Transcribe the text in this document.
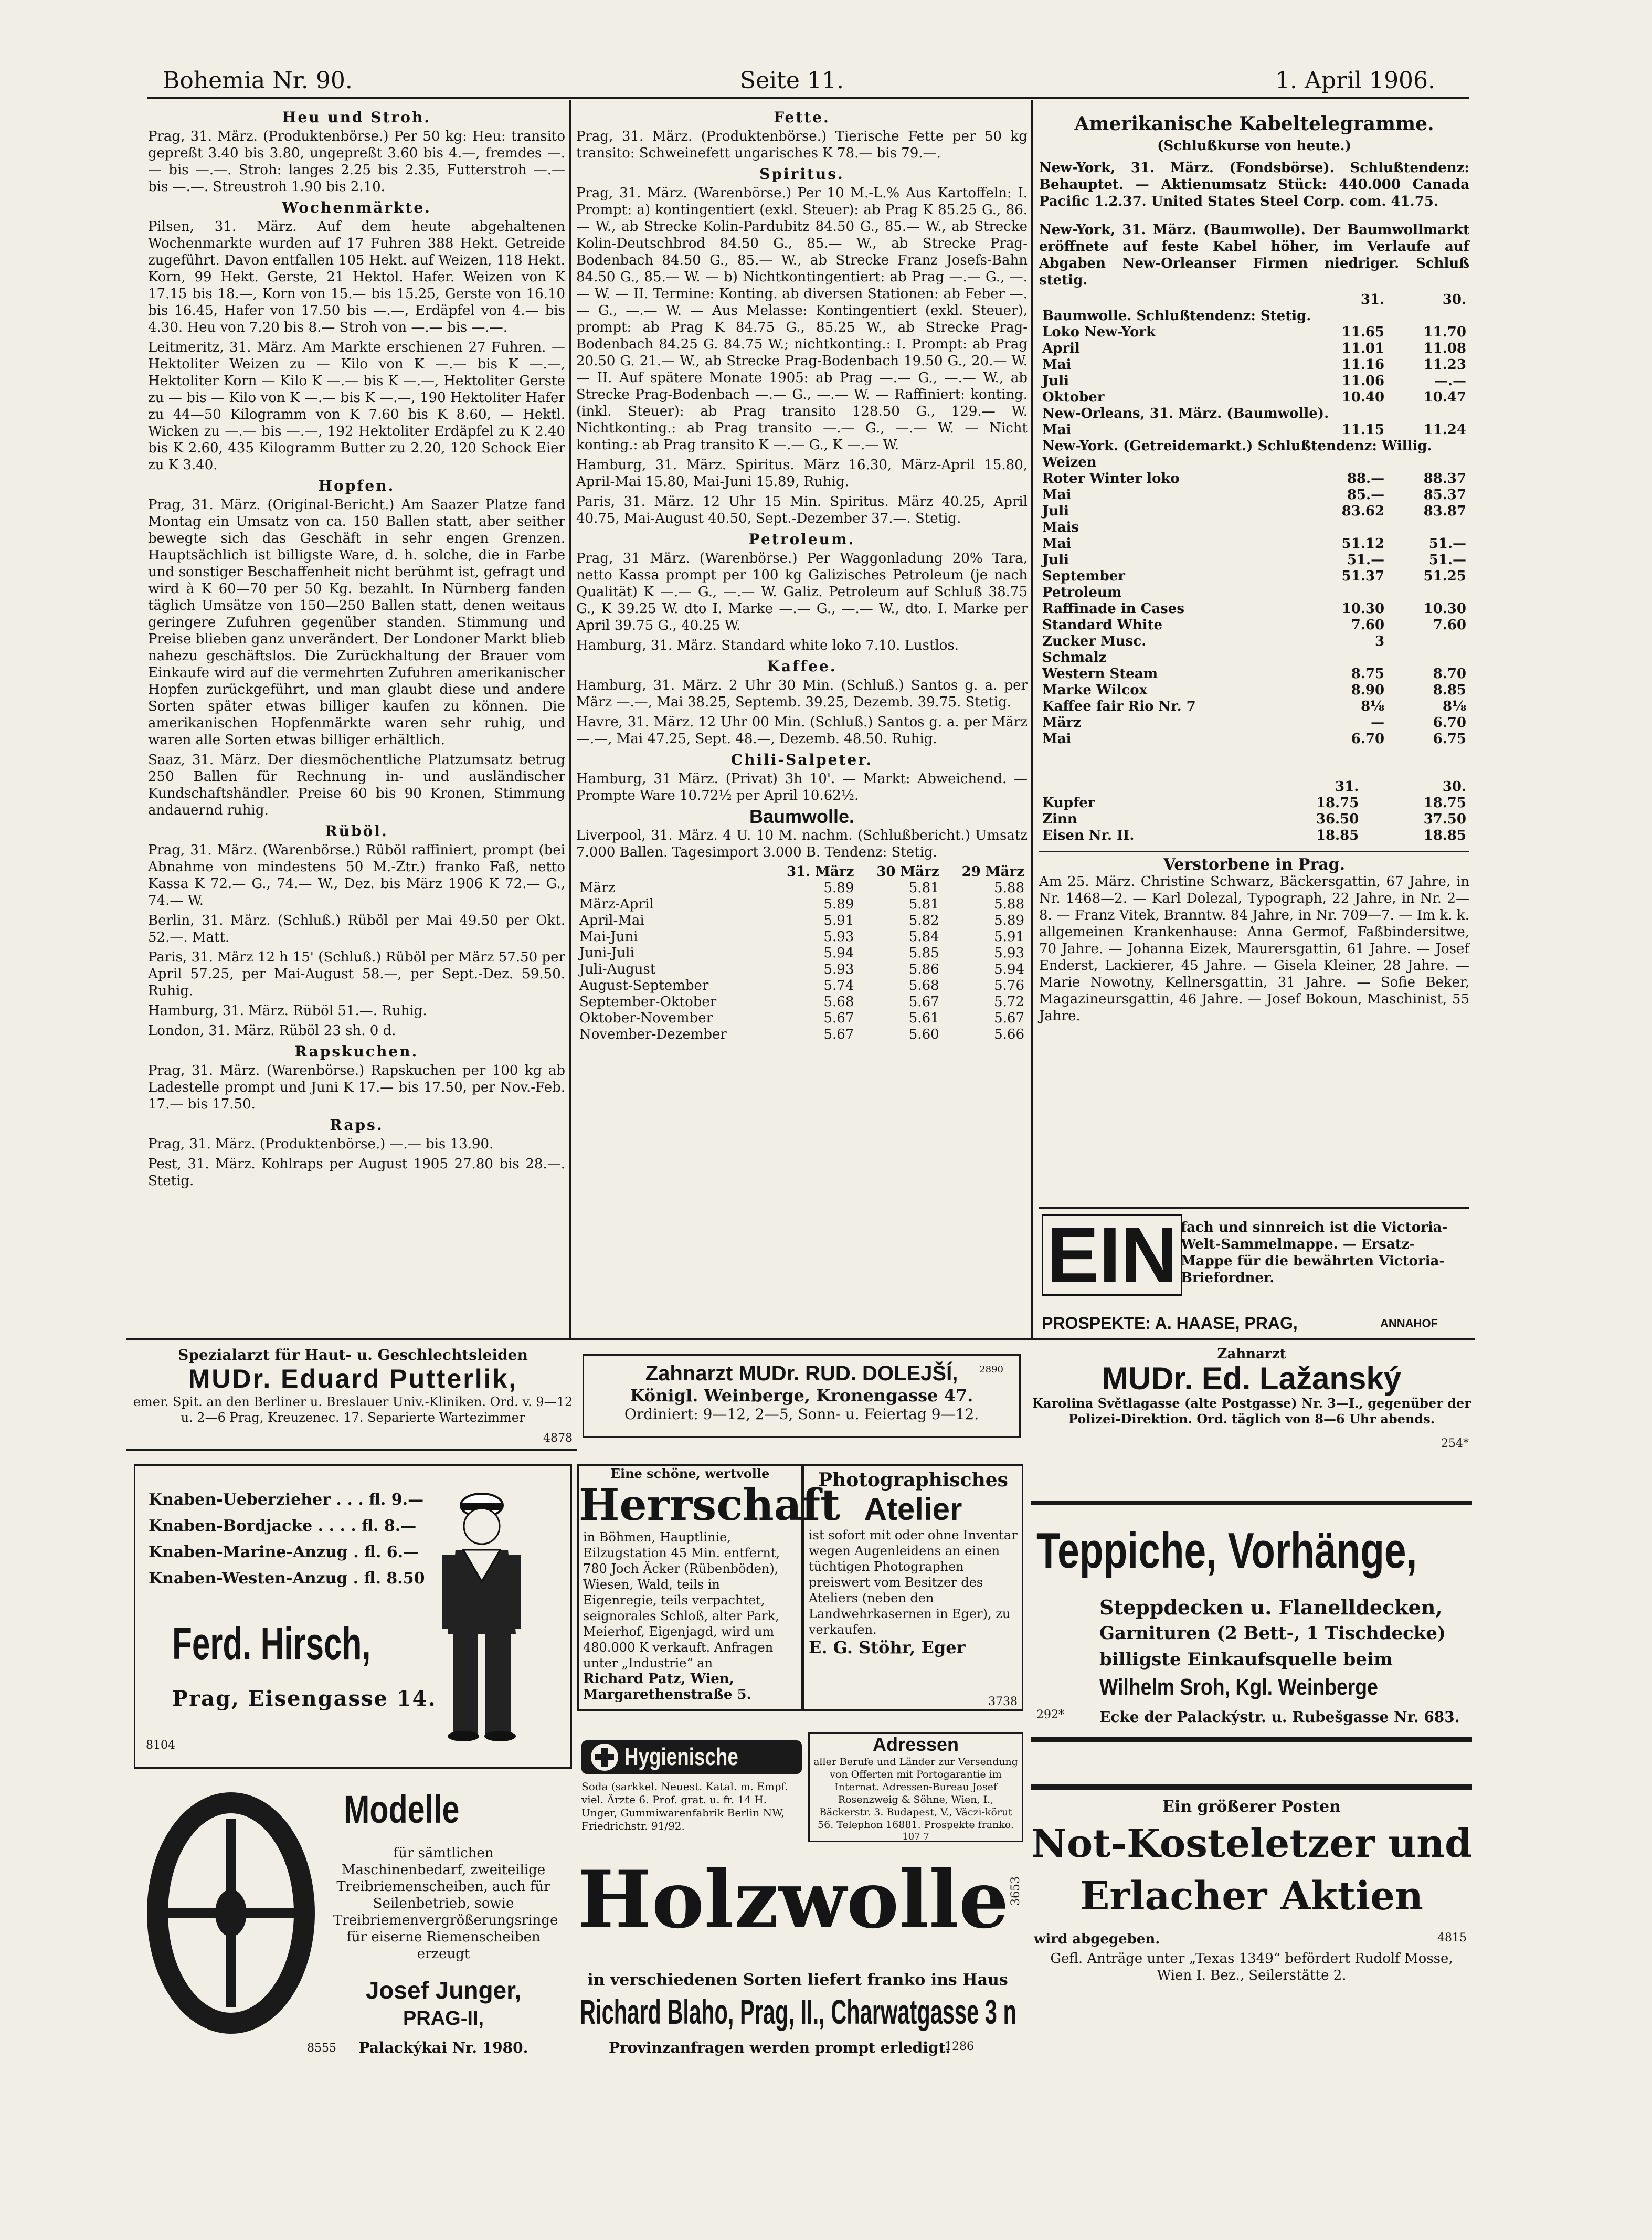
Bohemia Nr. 90.	Seite 11.	1. April 1906.
Heu und Stroh.

Prag, 31. März. (Produktenbörse.) Per 50 kg: Heu: transito gepreßt 3.40 bis 3.80, ungepreßt 3.60 bis 4.—, fremdes —.— bis —.—. Stroh: langes 2.25 bis 2.35, Futterstroh —.— bis —.—. Streustroh 1.90 bis 2.10.

Wochenmärkte.

Pilsen, 31. März. Auf dem heute abgehaltenen Wochenmarkte wurden auf 17 Fuhren 388 Hekt. Getreide zugeführt. Davon entfallen 105 Hekt. auf Weizen, 118 Hekt. Korn, 99 Hekt. Gerste, 21 Hektol. Hafer. Weizen von K 17.15 bis 18.—, Korn von 15.— bis 15.25, Gerste von 16.10 bis 16.45, Hafer von 17.50 bis —.—, Erdäpfel von 4.— bis 4.30. Heu von 7.20 bis 8.— Stroh von —.— bis —.—.

Leitmeritz, 31. März. Am Markte erschienen 27 Fuhren. — Hektoliter Weizen zu — Kilo von K —.— bis K —.—, Hektoliter Korn — Kilo K —.— bis K —.—, Hektoliter Gerste zu — bis — Kilo von K —.— bis K —.—, 190 Hektoliter Hafer zu 44—50 Kilogramm von K 7.60 bis K 8.60, — Hektl. Wicken zu —.— bis —.—, 192 Hektoliter Erdäpfel zu K 2.40 bis K 2.60, 435 Kilogramm Butter zu 2.20, 120 Schock Eier zu K 3.40.

Hopfen.

Prag, 31. März. (Original-Bericht.) Am Saazer Platze fand Montag ein Umsatz von ca. 150 Ballen statt, aber seither bewegte sich das Geschäft in sehr engen Grenzen. Hauptsächlich ist billigste Ware, d. h. solche, die in Farbe und sonstiger Beschaffenheit nicht berühmt ist, gefragt und wird à K 60—70 per 50 Kg. bezahlt. In Nürnberg fanden täglich Umsätze von 150—250 Ballen statt, denen weitaus geringere Zufuhren gegenüber standen. Stimmung und Preise blieben ganz unverändert. Der Londoner Markt blieb nahezu geschäftslos. Die Zurückhaltung der Brauer vom Einkaufe wird auf die vermehrten Zufuhren amerikanischer Hopfen zurückgeführt, und man glaubt diese und andere Sorten später etwas billiger kaufen zu können. Die amerikanischen Hopfenmärkte waren sehr ruhig, und waren alle Sorten etwas billiger erhältlich.

Saaz, 31. März. Der diesmöchentliche Platzumsatz betrug 250 Ballen für Rechnung in- und ausländischer Kundschaftshändler. Preise 60 bis 90 Kronen, Stimmung andauernd ruhig.

Rüböl.

Prag, 31. März. (Warenbörse.) Rüböl raffiniert, prompt (bei Abnahme von mindestens 50 M.-Ztr.) franko Faß, netto Kassa K 72.— G., 74.— W., Dez. bis März 1906 K 72.— G., 74.— W.

Berlin, 31. März. (Schluß.) Rüböl per Mai 49.50 per Okt. 52.—. Matt.

Paris, 31. März 12 h 15' (Schluß.) Rüböl per März 57.50 per April 57.25, per Mai-August 58.—, per Sept.-Dez. 59.50. Ruhig.

Hamburg, 31. März. Rüböl 51.—. Ruhig.

London, 31. März. Rüböl 23 sh. 0 d.

Rapskuchen.

Prag, 31. März. (Warenbörse.) Rapskuchen per 100 kg ab Ladestelle prompt und Juni K 17.— bis 17.50, per Nov.-Feb. 17.— bis 17.50.

Raps.

Prag, 31. März. (Produktenbörse.) —.— bis 13.90.

Pest, 31. März. Kohlraps per August 1905 27.80 bis 28.—. Stetig.

Fette.

Prag, 31. März. (Produktenbörse.) Tierische Fette per 50 kg transito: Schweinefett ungarisches K 78.— bis 79.—.

Spiritus.

Prag, 31. März. (Warenbörse.) Per 10 M.-L.% Aus Kartoffeln: I. Prompt: a) kontingentiert (exkl. Steuer): ab Prag K 85.25 G., 86.— W., ab Strecke Kolin-Pardubitz 84.50 G., 85.— W., ab Strecke Kolin-Deutschbrod 84.50 G., 85.— W., ab Strecke Prag-Bodenbach 84.50 G., 85.— W., ab Strecke Franz Josefs-Bahn 84.50 G., 85.— W. — b) Nichtkontingentiert: ab Prag —.— G., —.— W. — II. Termine: Konting. ab diversen Stationen: ab Feber —.— G., —.— W. — Aus Melasse: Kontingentiert (exkl. Steuer), prompt: ab Prag K 84.75 G., 85.25 W., ab Strecke Prag-Bodenbach 84.25 G. 84.75 W.; nichtkonting.: I. Prompt: ab Prag 20.50 G. 21.— W., ab Strecke Prag-Bodenbach 19.50 G., 20.— W. — II. Auf spätere Monate 1905: ab Prag —.— G., —.— W., ab Strecke Prag-Bodenbach —.— G., —.— W. — Raffiniert: konting. (inkl. Steuer): ab Prag transito 128.50 G., 129.— W. Nichtkonting.: ab Prag transito —.— G., —.— W. — Nicht konting.: ab Prag transito K —.— G., K —.— W.

Hamburg, 31. März. Spiritus. März 16.30, März-April 15.80, April-Mai 15.80, Mai-Juni 15.89, Ruhig.

Paris, 31. März. 12 Uhr 15 Min. Spiritus. März 40.25, April 40.75, Mai-August 40.50, Sept.-Dezember 37.—. Stetig.

Petroleum.

Prag, 31 März. (Warenbörse.) Per Waggonladung 20% Tara, netto Kassa prompt per 100 kg Galizisches Petroleum (je nach Qualität) K —.— G., —.— W. Galiz. Petroleum auf Schluß 38.75 G., K 39.25 W. dto I. Marke —.— G., —.— W., dto. I. Marke per April 39.75 G., 40.25 W.

Hamburg, 31. März. Standard white loko 7.10. Lustlos.

Kaffee.

Hamburg, 31. März. 2 Uhr 30 Min. (Schluß.) Santos g. a. per März —.—, Mai 38.25, Septemb. 39.25, Dezemb. 39.75. Stetig.

Havre, 31. März. 12 Uhr 00 Min. (Schluß.) Santos g. a. per März —.—, Mai 47.25, Sept. 48.—, Dezemb. 48.50. Ruhig.

Chili-Salpeter.

Hamburg, 31 März. (Privat) 3h 10'. — Markt: Abweichend. — Prompte Ware 10.72½ per April 10.62½.

Baumwolle.

Liverpool, 31. März. 4 U. 10 M. nachm. (Schlußbericht.) Umsatz 7.000 Ballen. Tagesimport 3.000 B. Tendenz: Stetig.

	31. März	30 März	29 März
März	5.89	5.81	5.88
März-April	5.89	5.81	5.88
April-Mai	5.91	5.82	5.89
Mai-Juni	5.93	5.84	5.91
Juni-Juli	5.94	5.85	5.93
Juli-August	5.93	5.86	5.94
August-September	5.74	5.68	5.76
September-Oktober	5.68	5.67	5.72
Oktober-November	5.67	5.61	5.67
November-Dezember	5.67	5.60	5.66
Amerikanische Kabeltelegramme.
(Schlußkurse von heute.)

New-York, 31. März. (Fondsbörse). Schlußtendenz: Behauptet. — Aktienumsatz Stück: 440.000 Canada Pacific 1.2.37. United States Steel Corp. com. 41.75.

New-York, 31. März. (Baumwolle). Der Baumwollmarkt eröffnete auf feste Kabel höher, im Verlaufe auf Abgaben New-Orleanser Firmen niedriger. Schluß stetig.

	31.	30.
Baumwolle. Schlußtendenz: Stetig.		
Loko New-York	11.65	11.70
April	11.01	11.08
Mai	11.16	11.23
Juli	11.06	—.—
Oktober	10.40	10.47
New-Orleans, 31. März. (Baumwolle).		
Mai	11.15	11.24
New-York. (Getreidemarkt.) Schlußtendenz: Willig.		
Weizen		
Roter Winter loko	88.—	88.37
Mai	85.—	85.37
Juli	83.62	83.87
Mais		
Mai	51.12	51.—
Juli	51.—	51.—
September	51.37	51.25
Petroleum		
Raffinade in Cases	10.30	10.30
Standard White	7.60	7.60
Zucker Musc.	3	
Schmalz		
Western Steam	8.75	8.70
Marke Wilcox	8.90	8.85
Kaffee fair Rio Nr. 7	8⅛	8⅛
März	—	6.70
Mai	6.70	6.75
	31.	30.
Kupfer	18.75	18.75
Zinn	36.50	37.50
Eisen Nr. II.	18.85	18.85
Verstorbene in Prag.

Am 25. März. Christine Schwarz, Bäckersgattin, 67 Jahre, in Nr. 1468—2. — Karl Dolezal, Typograph, 22 Jahre, in Nr. 2—8. — Franz Vitek, Branntw. 84 Jahre, in Nr. 709—7. — Im k. k. allgemeinen Krankenhause: Anna Germof, Faßbindersitwe, 70 Jahre. — Johanna Eizek, Maurersgattin, 61 Jahre. — Josef Enderst, Lackierer, 45 Jahre. — Gisela Kleiner, 28 Jahre. — Marie Nowotny, Kellnersgattin, 31 Jahre. — Sofie Beker, Magazineursgattin, 46 Jahre. — Josef Bokoun, Maschinist, 55 Jahre.

EIN fach und sinnreich ist die Victoria-Welt-Sammelmappe. — Ersatz-Mappe für die bewährten Victoria-Briefordner.
PROSPEKTE: A. HAASE, PRAG,	ANNAHOF
Spezialarzt für Haut- u. Geschlechtsleiden
MUDr. Eduard Putterlik,
emer. Spit. an den Berliner u. Breslauer Univ.-Kliniken. Ord. v. 9—12 u. 2—6 Prag, Kreuzenec. 17. Separierte Wartezimmer
4878
Zahnarzt MUDr. RUD. DOLEJŠÍ,	2890
Königl. Weinberge, Kronengasse 47.
Ordiniert: 9—12, 2—5, Sonn- u. Feiertag 9—12.
Zahnarzt
MUDr. Ed. Lažanský
Karolina Světlagasse (alte Postgasse) Nr. 3—I., gegenüber der Polizei-Direktion. Ord. täglich von 8—6 Uhr abends.
254*
Knaben-Ueberzieher . . . fl. 9.—
Knaben-Bordjacke . . . . fl. 8.—
Knaben-Marine-Anzug . fl. 6.—
Knaben-Westen-Anzug . fl. 8.50
Ferd. Hirsch,
Prag, Eisengasse 14.
8104
Eine schöne, wertvolle
Herrschaft
in Böhmen, Hauptlinie, Eilzugstation 45 Min. entfernt, 780 Joch Äcker (Rübenböden), Wiesen, Wald, teils in Eigenregie, teils verpachtet, seignorales Schloß, alter Park, Meierhof, Eigenjagd, wird um 480.000 K verkauft. Anfragen unter „Industrie“ an
Richard Patz, Wien, Margarethenstraße 5.
Photographisches
Atelier
ist sofort mit oder ohne Inventar wegen Augenleidens an einen tüchtigen Photographen preiswert vom Besitzer des Ateliers (neben den Landwehrkasernen in Eger), zu verkaufen.
E. G. Stöhr, Eger
3738
Teppiche, Vorhänge,
Steppdecken u. Flanelldecken,
Garnituren (2 Bett-, 1 Tischdecke)
billigste Einkaufsquelle beim
Wilhelm Sroh, Kgl. Weinberge
Ecke der Palackýstr. u. Rubešgasse Nr. 683.
292*
Modelle
für sämtlichen Maschinenbedarf, zweiteilige Treibriemenscheiben, auch für Seilenbetrieb, sowie Treibriemenvergrößerungsringe für eiserne Riemenscheiben erzeugt
Josef Junger,
PRAG-II,
Palackýkai Nr. 1980.
8555
Hygienische
Soda (sarkkel. Neuest. Katal. m. Empf. viel. Ärzte 6. Prof. grat. u. fr. 14 H. Unger, Gummiwarenfabrik Berlin NW, Friedrichstr. 91/92.
Adressen
aller Berufe und Länder zur Versendung von Offerten mit Portogarantie im Internat. Adressen-Bureau Josef Rosenzweig & Söhne, Wien, I., Bäckerstr. 3. Budapest, V., Väczi-körut 56. Telephon 16881. Prospekte franko.
107 7
Holzwolle 3653
in verschiedenen Sorten liefert franko ins Haus
Richard Blaho, Prag, II., Charwatgasse 3 n
Provinzanfragen werden prompt erledigt.
1286
Ein größerer Posten
Not-Kosteletzer und
Erlacher Aktien
wird abgegeben.	4815
Gefl. Anträge unter „Texas 1349“ befördert Rudolf Mosse, Wien I. Bez., Seilerstätte 2.
